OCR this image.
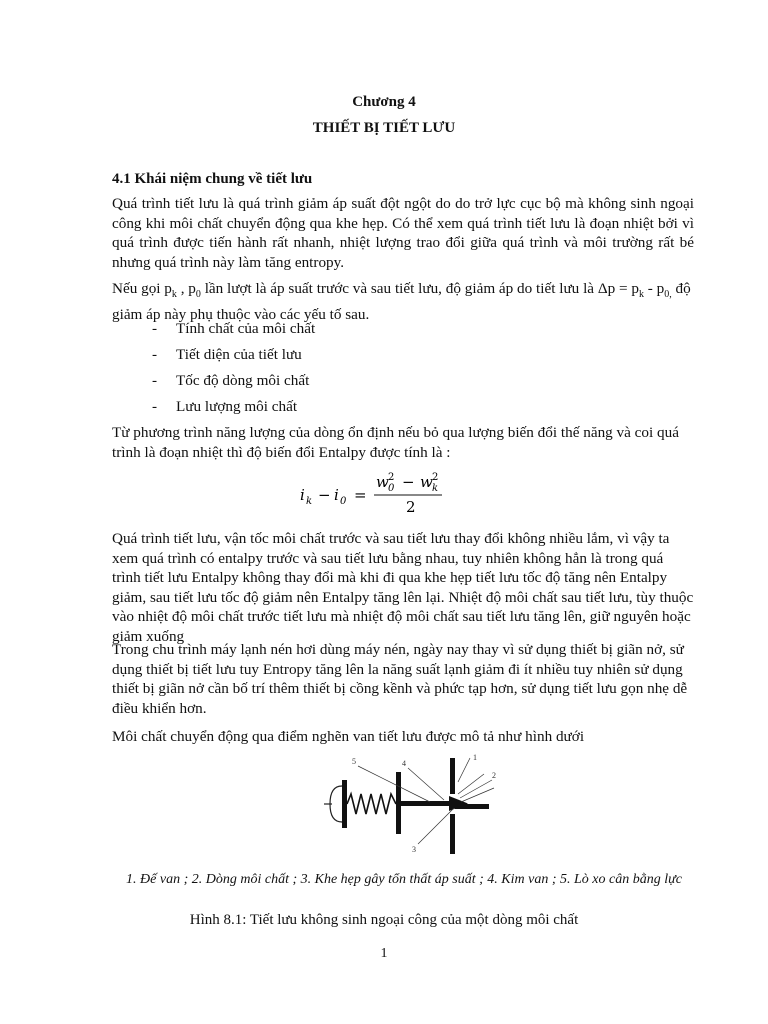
Chương 4
THIẾT BỊ TIẾT LƯU
4.1 Khái niệm chung về tiết lưu
Quá trình tiết lưu là quá trình giảm áp suất đột ngột do do trở lực cục bộ mà không sinh ngoại công khi môi chất chuyển động qua khe hẹp. Có thể xem quá trình tiết lưu là đoạn nhiệt bởi vì quá trình được tiến hành rất nhanh, nhiệt lượng trao đổi giữa quá trình và môi trường rất bé nhưng quá trình này làm tăng entropy.
Nếu gọi $p_k$ , $p_0$ lần lượt là áp suất trước và sau tiết lưu, độ giảm áp do tiết lưu là $\Delta p = p_k - p_{0,}$ độ giảm áp này phụ thuộc vào các yếu tố sau.
- Tính chất của môi chất
- Tiết diện của tiết lưu
- Tốc độ dòng môi chất
- Lưu lượng môi chất
Từ phương trình năng lượng của dòng ổn định nếu bỏ qua lượng biến đổi thế năng và coi quá trình là đoạn nhiệt thì độ biến đổi Entalpy được tính là :
i k − i 0 =
w 0
2 − w k
2
2
Quá trình tiết lưu, vận tốc môi chất trước và sau tiết lưu thay đổi không nhiều lắm, vì vậy ta xem quá trình có entalpy trước và sau tiết lưu bằng nhau, tuy nhiên không hẳn là trong quá trình tiết lưu Entalpy không thay đổi mà khi đi qua khe hẹp tiết lưu tốc độ tăng nên Entalpy giảm, sau tiết lưu tốc độ giảm nên Entalpy tăng lên lại. Nhiệt độ môi chất sau tiết lưu, tùy thuộc vào nhiệt độ môi chất trước tiết lưu mà nhiệt độ môi chất sau tiết lưu tăng lên, giữ nguyên hoặc giảm xuống
Trong chu trình máy lạnh nén hơi dùng máy nén, ngày nay thay vì sử dụng thiết bị giãn nở, sử dụng thiết bị tiết lưu tuy Entropy tăng lên la năng suất lạnh giảm đi ít nhiều tuy nhiên sử dụng thiết bị giãn nở cần bố trí thêm thiết bị cồng kềnh và phức tạp hơn, sử dụng tiết lưu gọn nhẹ dễ điều khiển hơn.
Môi chất chuyển động qua điểm nghẽn van tiết lưu được mô tả như hình dưới
1
2
3
4
5
1. Đế van ; 2. Dòng môi chất ; 3. Khe hẹp gây tổn thất áp suất ; 4. Kim van ; 5. Lò xo cân bằng lực
Hình 8.1: Tiết lưu không sinh ngoại công của một dòng môi chất
1
